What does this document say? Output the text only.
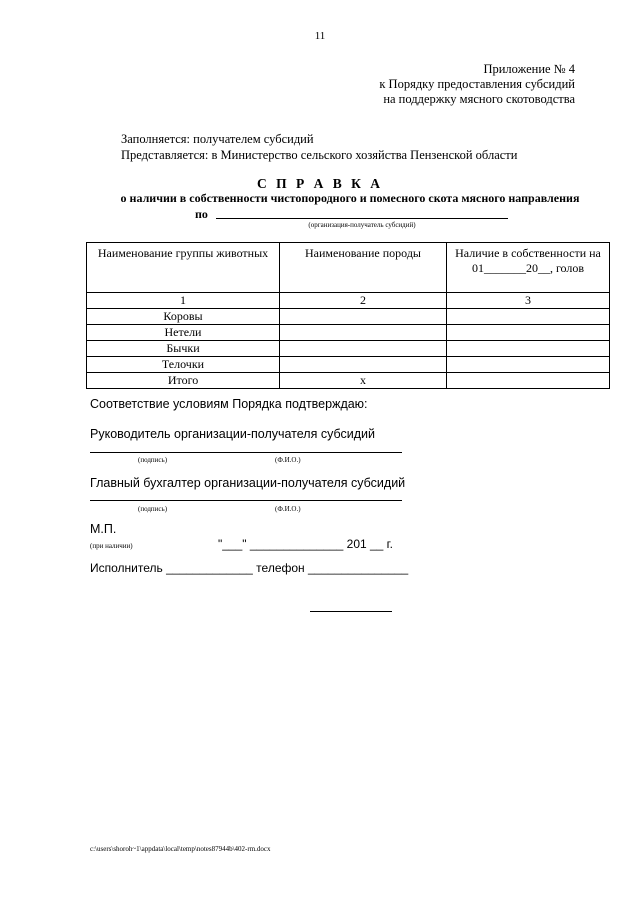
11
Приложение № 4
к Порядку предоставления субсидий
на поддержку мясного скотоводства
Заполняется: получателем субсидий
Представляется: в Министерство сельского хозяйства Пензенской области
С П Р А В К А
о наличии в собственности чистопородного и помесного скота мясного направления
по
(организация-получатель субсидий)
Наименование группы животных	Наименование породы	Наличие в собственности на 01_______20__, голов
1	2	3
Коровы		
Нетели		
Бычки		
Телочки		
Итого	х	
Соответствие условиям Порядка подтверждаю:
Руководитель организации-получателя субсидий
(подпись)	(Ф.И.О.)
Главный бухгалтер организации-получателя субсидий
(подпись)	(Ф.И.О.)
М.П.
(при наличии)	"___" ______________ 201 __ г.
Исполнитель _____________ телефон _______________
c:\users\shoroh~1\appdata\local\temp\notes87944b\402-rm.docx
